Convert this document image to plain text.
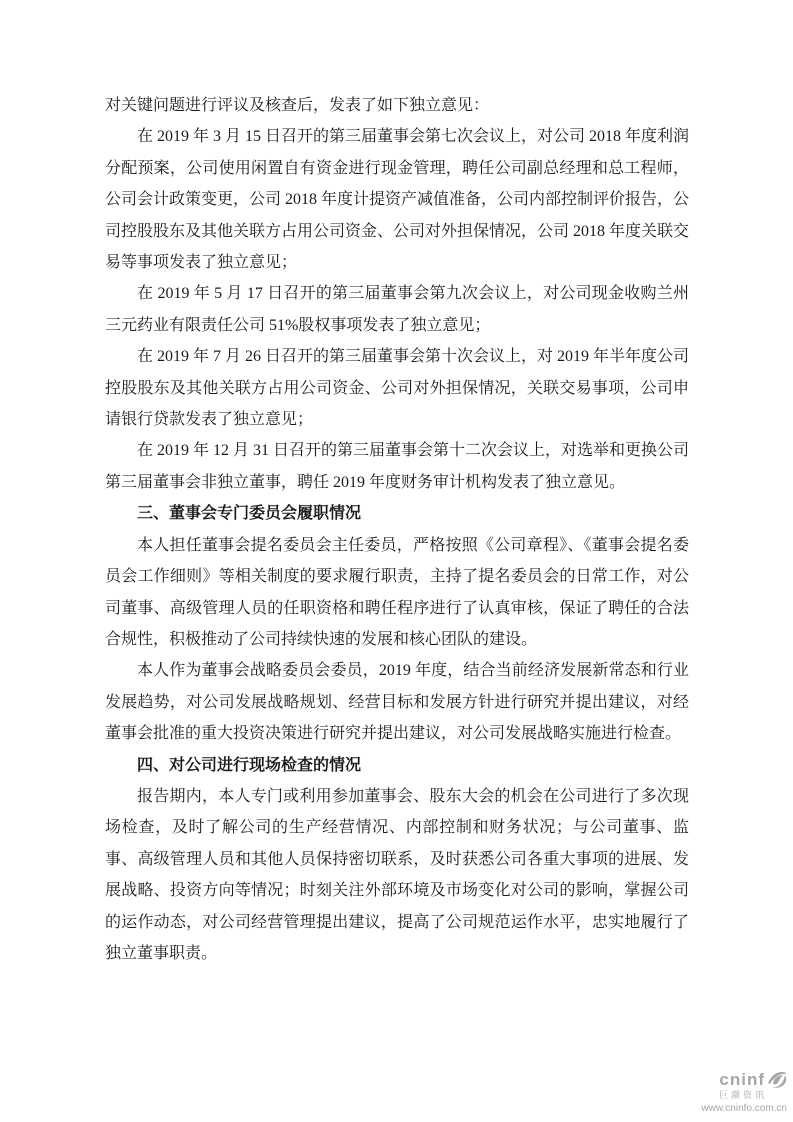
对关键问题进行评议及核查后，发表了如下独立意见：

在 2019 年 3 月 15 日召开的第三届董事会第七次会议上，对公司 2018 年度利润分配预案，公司使用闲置自有资金进行现金管理，聘任公司副总经理和总工程师，公司会计政策变更，公司 2018 年度计提资产减值准备，公司内部控制评价报告，公司控股股东及其他关联方占用公司资金、公司对外担保情况，公司 2018 年度关联交易等事项发表了独立意见；

在 2019 年 5 月 17 日召开的第三届董事会第九次会议上，对公司现金收购兰州三元药业有限责任公司 51%股权事项发表了独立意见；

在 2019 年 7 月 26 日召开的第三届董事会第十次会议上，对 2019 年半年度公司控股股东及其他关联方占用公司资金、公司对外担保情况，关联交易事项，公司申请银行贷款发表了独立意见；

在 2019 年 12 月 31 日召开的第三届董事会第十二次会议上，对选举和更换公司第三届董事会非独立董事，聘任 2019 年度财务审计机构发表了独立意见。

三、董事会专门委员会履职情况

本人担任董事会提名委员会主任委员，严格按照《公司章程》、《董事会提名委员会工作细则》等相关制度的要求履行职责，主持了提名委员会的日常工作，对公司董事、高级管理人员的任职资格和聘任程序进行了认真审核，保证了聘任的合法合规性，积极推动了公司持续快速的发展和核心团队的建设。

本人作为董事会战略委员会委员，2019 年度，结合当前经济发展新常态和行业发展趋势，对公司发展战略规划、经营目标和发展方针进行研究并提出建议，对经董事会批准的重大投资决策进行研究并提出建议，对公司发展战略实施进行检查。

四、对公司进行现场检查的情况

报告期内，本人专门或利用参加董事会、股东大会的机会在公司进行了多次现场检查，及时了解公司的生产经营情况、内部控制和财务状况；与公司董事、监事、高级管理人员和其他人员保持密切联系，及时获悉公司各重大事项的进展、发展战略、投资方向等情况；时刻关注外部环境及市场变化对公司的影响，掌握公司的运作动态，对公司经营管理提出建议，提高了公司规范运作水平，忠实地履行了独立董事职责。

cninf
巨潮资讯
www.cninfo.com.cn
